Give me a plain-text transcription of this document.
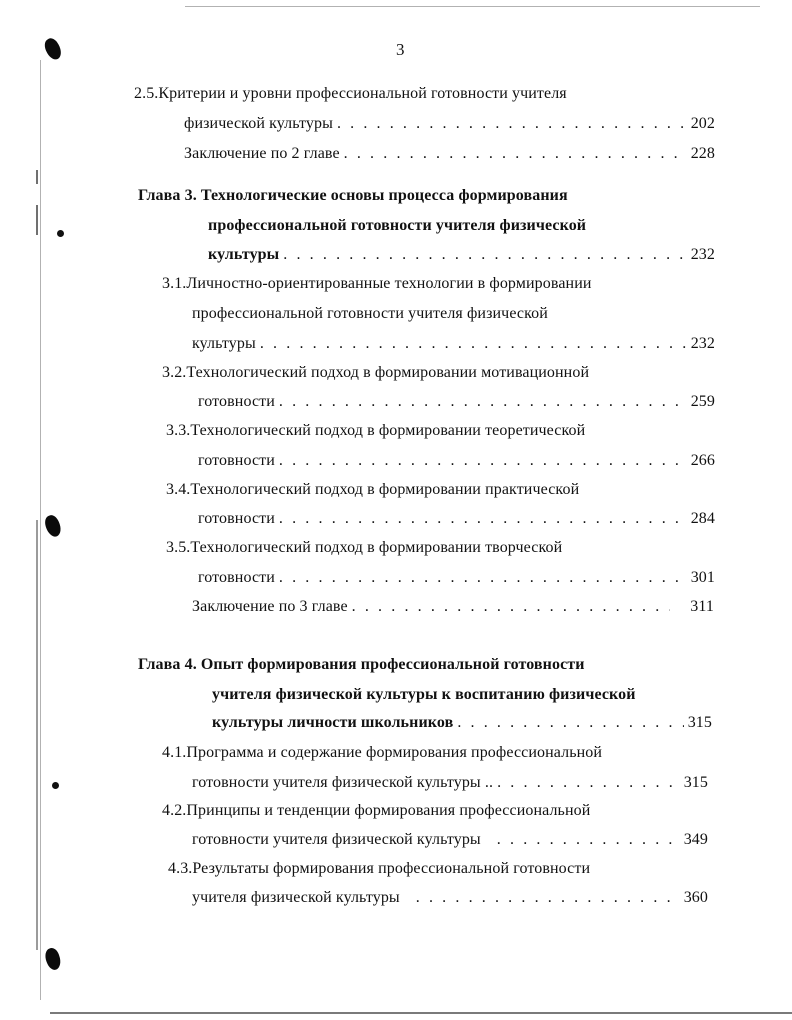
3
2.5.Критерии и уровни профессиональной готовности учителя
физической культуры . . .	202
Заключение по 2 главе . . .	228
Глава 3. Технологические основы процесса формирования
профессиональной готовности учителя физической
культуры . . .	232
3.1.Личностно-ориентированные технологии в формировании
профессиональной готовности учителя физической
культуры . . .	232
3.2.Технологический подход в формировании мотивационной
готовности . . .	259
3.3.Технологический подход в формировании теоретической
готовности . . .	266
3.4.Технологический подход в формировании практической
готовности . . .	284
3.5.Технологический подход в формировании творческой
готовности . . .	301
Заключение по 3 главе . . .	311
Глава 4. Опыт формирования профессиональной готовности
учителя физической культуры к воспитанию физической
культуры личности школьников . . .	315
4.1.Программа и содержание формирования профессиональной
готовности учителя физической культуры .. . . .	315
4.2.Принципы и тенденции формирования профессиональной
готовности учителя физической культуры . . .	349
4.3.Результаты формирования профессиональной готовности
учителя физической культуры . . .	360
